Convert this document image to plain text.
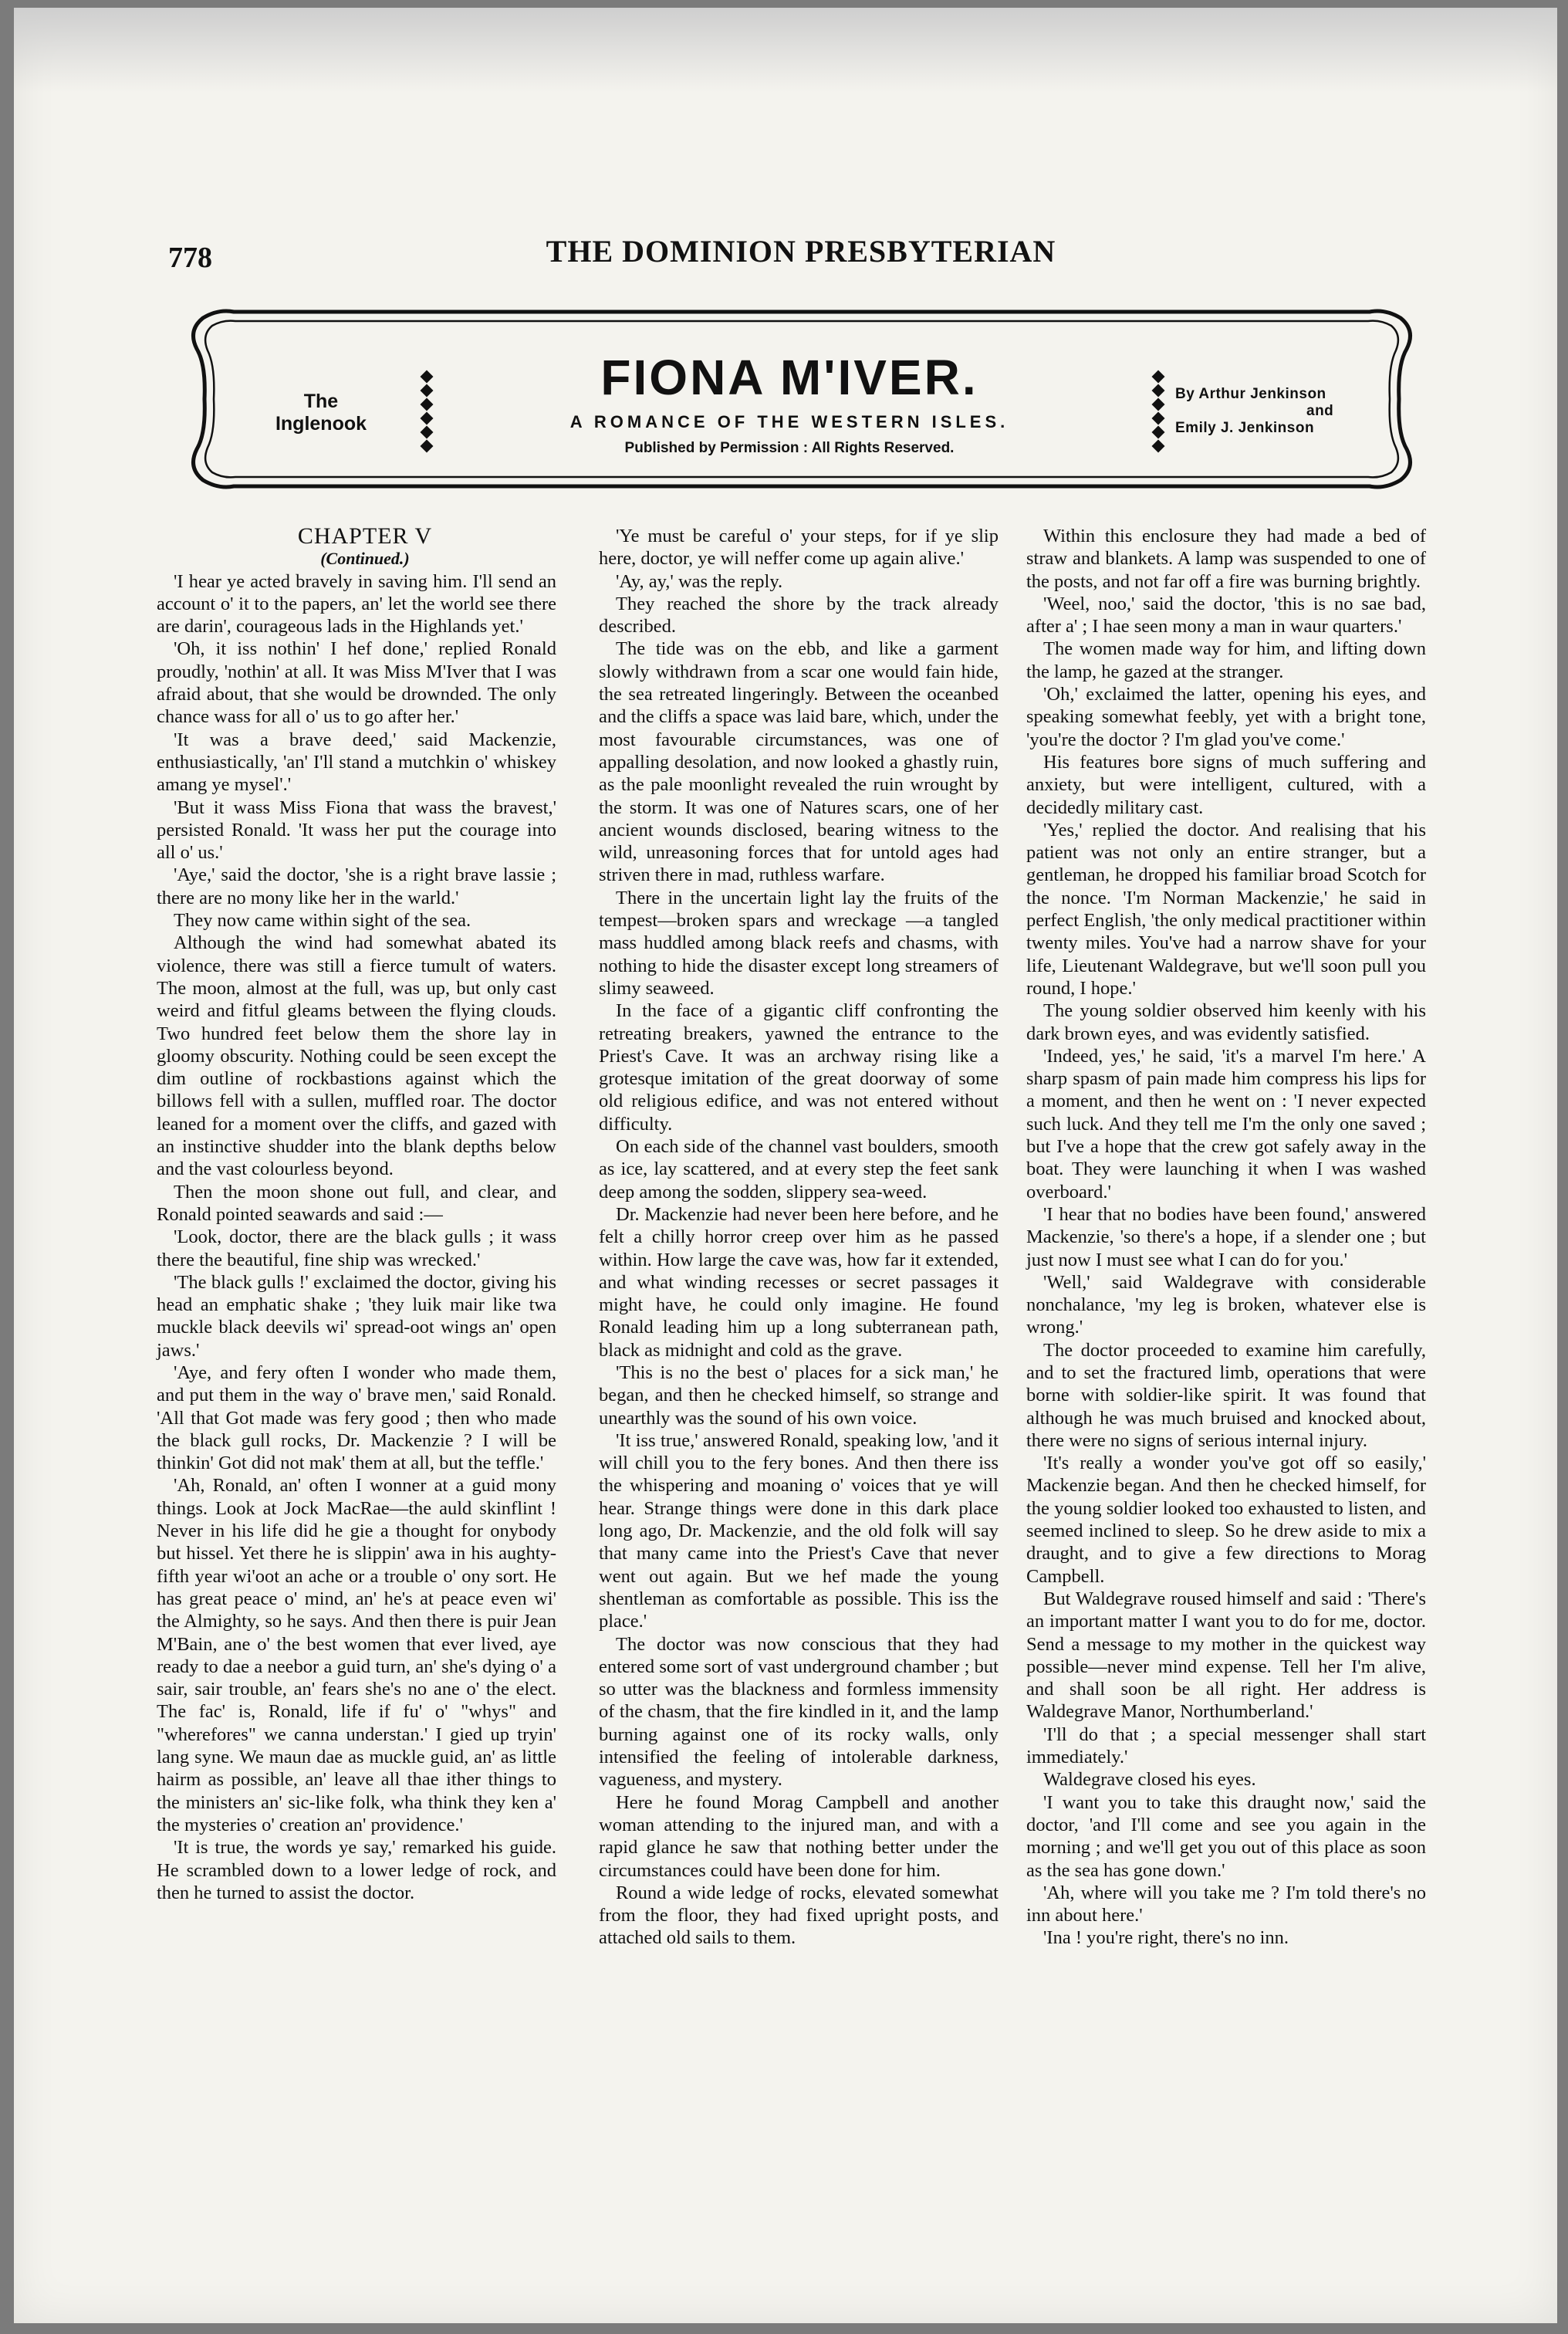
778	THE DOMINION PRESBYTERIAN
The
Inglenook
FIONA M'IVER.
A ROMANCE OF THE WESTERN ISLES.
Published by Permission : All Rights Reserved.
By Arthur Jenkinson
and
Emily J. Jenkinson

CHAPTER V

(Continued.)

'I hear ye acted bravely in saving him. I'll send an account o' it to the papers, an' let the world see there are darin', courageous lads in the Highlands yet.'

'Oh, it iss nothin' I hef done,' replied Ronald proudly, 'nothin' at all. It was Miss M'Iver that I was afraid about, that she would be drownded. The only chance wass for all o' us to go after her.'

'It was a brave deed,' said Mackenzie, enthusiastically, 'an' I'll stand a mutchkin o' whiskey amang ye mysel'.'

'But it wass Miss Fiona that wass the bravest,' persisted Ronald. 'It wass her put the courage into all o' us.'

'Aye,' said the doctor, 'she is a right brave lassie ; there are no mony like her in the warld.'

They now came within sight of the sea.

Although the wind had somewhat abated its violence, there was still a fierce tumult of waters. The moon, almost at the full, was up, but only cast weird and fitful gleams between the flying clouds. Two hundred feet below them the shore lay in gloomy obscurity. Nothing could be seen except the dim outline of rockbastions against which the billows fell with a sullen, muffled roar. The doctor leaned for a moment over the cliffs, and gazed with an instinctive shudder into the blank depths below and the vast colourless beyond.

Then the moon shone out full, and clear, and Ronald pointed seawards and said :—

'Look, doctor, there are the black gulls ; it wass there the beautiful, fine ship was wrecked.'

'The black gulls !' exclaimed the doctor, giving his head an emphatic shake ; 'they luik mair like twa muckle black deevils wi' spread-oot wings an' open jaws.'

'Aye, and fery often I wonder who made them, and put them in the way o' brave men,' said Ronald. 'All that Got made was fery good ; then who made the black gull rocks, Dr. Mackenzie ? I will be thinkin' Got did not mak' them at all, but the teffle.'

'Ah, Ronald, an' often I wonner at a guid mony things. Look at Jock MacRae—the auld skinflint ! Never in his life did he gie a thought for onybody but hissel. Yet there he is slippin' awa in his aughty-fifth year wi'oot an ache or a trouble o' ony sort. He has great peace o' mind, an' he's at peace even wi' the Almighty, so he says. And then there is puir Jean M'Bain, ane o' the best women that ever lived, aye ready to dae a neebor a guid turn, an' she's dying o' a sair, sair trouble, an' fears she's no ane o' the elect. The fac' is, Ronald, life if fu' o' "whys" and "wherefores" we canna understan.' I gied up tryin' lang syne. We maun dae as muckle guid, an' as little hairm as possible, an' leave all thae ither things to the ministers an' sic-like folk, wha think they ken a' the mysteries o' creation an' providence.'

'It is true, the words ye say,' remarked his guide. He scrambled down to a lower ledge of rock, and then he turned to assist the doctor.

'Ye must be careful o' your steps, for if ye slip here, doctor, ye will neffer come up again alive.'

'Ay, ay,' was the reply.

They reached the shore by the track already described.

The tide was on the ebb, and like a garment slowly withdrawn from a scar one would fain hide, the sea retreated lingeringly. Between the oceanbed and the cliffs a space was laid bare, which, under the most favourable circumstances, was one of appalling desolation, and now looked a ghastly ruin, as the pale moonlight revealed the ruin wrought by the storm. It was one of Natures scars, one of her ancient wounds disclosed, bearing witness to the wild, unreasoning forces that for untold ages had striven there in mad, ruthless warfare.

There in the uncertain light lay the fruits of the tempest—broken spars and wreckage —a tangled mass huddled among black reefs and chasms, with nothing to hide the disaster except long streamers of slimy seaweed.

In the face of a gigantic cliff confronting the retreating breakers, yawned the entrance to the Priest's Cave. It was an archway rising like a grotesque imitation of the great doorway of some old religious edifice, and was not entered without difficulty.

On each side of the channel vast boulders, smooth as ice, lay scattered, and at every step the feet sank deep among the sodden, slippery sea-weed.

Dr. Mackenzie had never been here before, and he felt a chilly horror creep over him as he passed within. How large the cave was, how far it extended, and what winding recesses or secret passages it might have, he could only imagine. He found Ronald leading him up a long subterranean path, black as midnight and cold as the grave.

'This is no the best o' places for a sick man,' he began, and then he checked himself, so strange and unearthly was the sound of his own voice.

'It iss true,' answered Ronald, speaking low, 'and it will chill you to the fery bones. And then there iss the whispering and moaning o' voices that ye will hear. Strange things were done in this dark place long ago, Dr. Mackenzie, and the old folk will say that many came into the Priest's Cave that never went out again. But we hef made the young shentleman as comfortable as possible. This iss the place.'

The doctor was now conscious that they had entered some sort of vast underground chamber ; but so utter was the blackness and formless immensity of the chasm, that the fire kindled in it, and the lamp burning against one of its rocky walls, only intensified the feeling of intolerable darkness, vagueness, and mystery.

Here he found Morag Campbell and another woman attending to the injured man, and with a rapid glance he saw that nothing better under the circumstances could have been done for him.

Round a wide ledge of rocks, elevated somewhat from the floor, they had fixed upright posts, and attached old sails to them.

Within this enclosure they had made a bed of straw and blankets. A lamp was suspended to one of the posts, and not far off a fire was burning brightly.

'Weel, noo,' said the doctor, 'this is no sae bad, after a' ; I hae seen mony a man in waur quarters.'

The women made way for him, and lifting down the lamp, he gazed at the stranger.

'Oh,' exclaimed the latter, opening his eyes, and speaking somewhat feebly, yet with a bright tone, 'you're the doctor ? I'm glad you've come.'

His features bore signs of much suffering and anxiety, but were intelligent, cultured, with a decidedly military cast.

'Yes,' replied the doctor. And realising that his patient was not only an entire stranger, but a gentleman, he dropped his familiar broad Scotch for the nonce. 'I'm Norman Mackenzie,' he said in perfect English, 'the only medical practitioner within twenty miles. You've had a narrow shave for your life, Lieutenant Waldegrave, but we'll soon pull you round, I hope.'

The young soldier observed him keenly with his dark brown eyes, and was evidently satisfied.

'Indeed, yes,' he said, 'it's a marvel I'm here.' A sharp spasm of pain made him compress his lips for a moment, and then he went on : 'I never expected such luck. And they tell me I'm the only one saved ; but I've a hope that the crew got safely away in the boat. They were launching it when I was washed overboard.'

'I hear that no bodies have been found,' answered Mackenzie, 'so there's a hope, if a slender one ; but just now I must see what I can do for you.'

'Well,' said Waldegrave with considerable nonchalance, 'my leg is broken, whatever else is wrong.'

The doctor proceeded to examine him carefully, and to set the fractured limb, operations that were borne with soldier-like spirit. It was found that although he was much bruised and knocked about, there were no signs of serious internal injury.

'It's really a wonder you've got off so easily,' Mackenzie began. And then he checked himself, for the young soldier looked too exhausted to listen, and seemed inclined to sleep. So he drew aside to mix a draught, and to give a few directions to Morag Campbell.

But Waldegrave roused himself and said : 'There's an important matter I want you to do for me, doctor. Send a message to my mother in the quickest way possible—never mind expense. Tell her I'm alive, and shall soon be all right. Her address is Waldegrave Manor, Northumberland.'

'I'll do that ; a special messenger shall start immediately.'

Waldegrave closed his eyes.

'I want you to take this draught now,' said the doctor, 'and I'll come and see you again in the morning ; and we'll get you out of this place as soon as the sea has gone down.'

'Ah, where will you take me ? I'm told there's no inn about here.'

'Ina ! you're right, there's no inn.
